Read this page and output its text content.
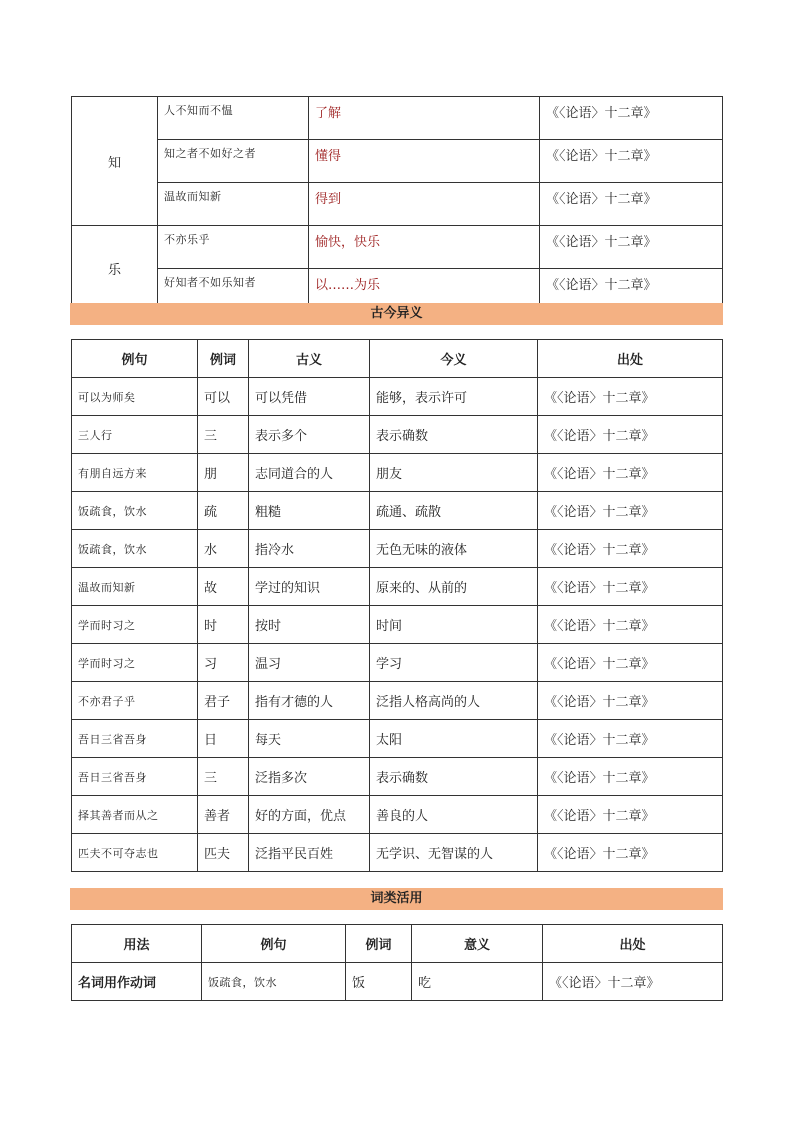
知	人不知而不愠	了解	《〈论语〉十二章》
	知之者不如好之者	懂得	《〈论语〉十二章》
	温故而知新	得到	《〈论语〉十二章》
乐	不亦乐乎	愉快，快乐	《〈论语〉十二章》
	好知者不如乐知者	以……为乐	《〈论语〉十二章》
古今异义
例句	例词	古义	今义	出处
可以为师矣	可以	可以凭借	能够，表示许可	《〈论语〉十二章》
三人行	三	表示多个	表示确数	《〈论语〉十二章》
有朋自远方来	朋	志同道合的人	朋友	《〈论语〉十二章》
饭疏食，饮水	疏	粗糙	疏通、疏散	《〈论语〉十二章》
饭疏食，饮水	水	指冷水	无色无味的液体	《〈论语〉十二章》
温故而知新	故	学过的知识	原来的、从前的	《〈论语〉十二章》
学而时习之	时	按时	时间	《〈论语〉十二章》
学而时习之	习	温习	学习	《〈论语〉十二章》
不亦君子乎	君子	指有才德的人	泛指人格高尚的人	《〈论语〉十二章》
吾日三省吾身	日	每天	太阳	《〈论语〉十二章》
吾日三省吾身	三	泛指多次	表示确数	《〈论语〉十二章》
择其善者而从之	善者	好的方面，优点	善良的人	《〈论语〉十二章》
匹夫不可夺志也	匹夫	泛指平民百姓	无学识、无智谋的人	《〈论语〉十二章》
词类活用
用法	例句	例词	意义	出处
名词用作动词	饭疏食，饮水	饭	吃	《〈论语〉十二章》
